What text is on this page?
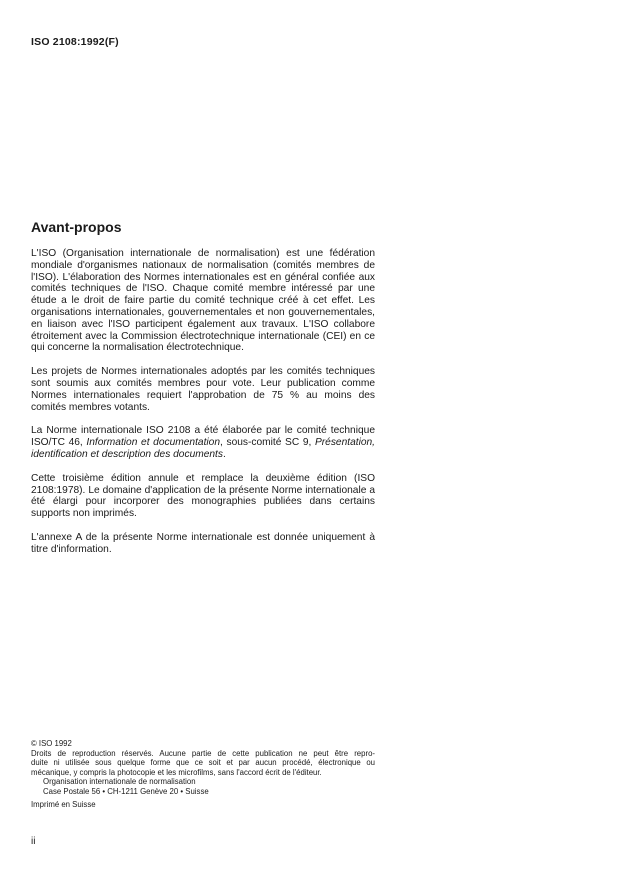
ISO 2108:1992(F)
Avant-propos

L'ISO (Organisation internationale de normalisation) est une fédération mondiale d'organismes nationaux de normalisation (comités membres de l'ISO). L'élaboration des Normes internationales est en général confiée aux comités techniques de l'ISO. Chaque comité membre intéressé par une étude a le droit de faire partie du comité technique créé à cet effet. Les organisations internationales, gouvernementales et non gouvernementales, en liaison avec l'ISO participent également aux travaux. L'ISO collabore étroitement avec la Commission électrotechnique internationale (CEI) en ce qui concerne la normalisation électrotechnique.

Les projets de Normes internationales adoptés par les comités techniques sont soumis aux comités membres pour vote. Leur publication comme Normes internationales requiert l'approbation de 75 % au moins des comités membres votants.

La Norme internationale ISO 2108 a été élaborée par le comité technique ISO/TC 46, Information et documentation, sous-comité SC 9, Présentation, identification et description des documents.

Cette troisième édition annule et remplace la deuxième édition (ISO 2108:1978). Le domaine d'application de la présente Norme internationale a été élargi pour incorporer des monographies publiées dans certains supports non imprimés.

L'annexe A de la présente Norme internationale est donnée uniquement à titre d'information.

© ISO 1992
Droits de reproduction réservés. Aucune partie de cette publication ne peut être repro-
duite ni utilisée sous quelque forme que ce soit et par aucun procédé, électronique ou
mécanique, y compris la photocopie et les microfilms, sans l'accord écrit de l'éditeur.
Organisation internationale de normalisation
Case Postale 56 • CH-1211 Genève 20 • Suisse
Imprimé en Suisse
ii
